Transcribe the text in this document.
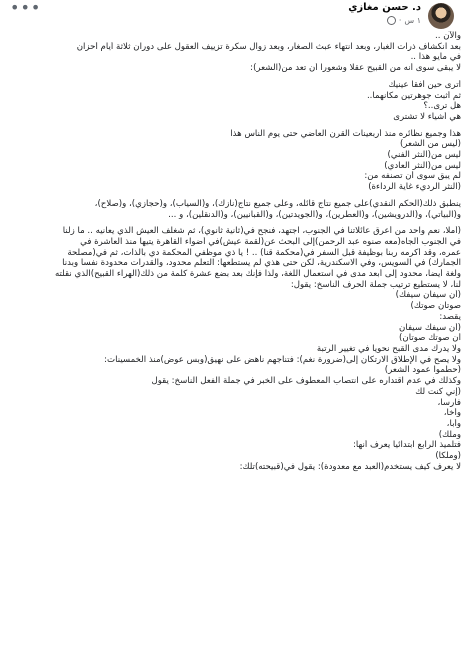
•••	د. حسن مغازي
١ س
·
والآن ..
بعد انكشاف ذرات الغبار، وبعد انتهاء عبث الصغار، وبعد زوال سكرة تزييف العقول على دوران ثلاثة أيام أحزان
في مايو هذا ..
لا يبقى سوى أنه من القبيح عقلا وشعورا أن تعد من(الشعر):
أترى حين أفقأ عينيك
ثم أثبت جوهرتين مكانهما..
هل ترى..؟
هي أشياء لا تشترى
هذا وجميع نظائره منذ أربعينات القرن العاضي حتى يوم الناس هذا
(ليس من الشعر)
ليس من(النثر الفني)
ليس من(النثر العادي)
لم يبق سوى أن تصنفه من:
(النثر الرديء غاية الرداءة)
ينطبق ذلك(الحكم النقدي)على جميع نتاج قائله، وعلى جميع نتاج(نازك)، و(السياب)، و(حجازي)، و(صلاح)،
و(البياتي)، و(الدرويشين)، و(العطرين)، و(الجويدتين)، و(القبانيين)، و(الدنقلين)، و ...
(أملا، نعم واحد من أعرق عائلاتنا في الجنوب، اجتهد، فنجح في(ثانية ثانوي)، ثم شغلف العيش الذي يعانيه .. ما زلنا
في الجنوب ألجأه(معه صنوه عبد الرحمن)إلى البحث عن(لقمة عيش)في أضواء القاهرة يتيها منذ العاشرة في
عمره، وقد أكرمه ربنا بوظيفة قبل السفر في(محكمة قنا) .. ! يا ذي موظفي المحكمة دي بالذات، ثم في(مصلحة
الجمارك) في السويس، وفي الاسكندرية، لكن حتى هذي لم يستطعها: التعلم محدود، والقدرات محدودة نفسا وبدنا
ولغة أيضا، محدود إلى أبعد مدى في استعمال اللغة، ولذا فإنك بعد بضع عشرة كلمة من ذلك(الهراء القبيح)الذي نقلته
لنا، لا يستطيع ترتيب جملة الحرف الناسخ: يقول:
(أن سيفان سيفك)
صوتان صوتك)
يقصد:
(أن سيفك سيفان
أن صوتك صوتان)
ولا يدرك مدى القبح نحويا في تغيير الرتبة
ولا يصح في الإطلاق الارتكان إلى(ضرورة نغم): فتناجهم ناهض على نهيق(وبس عوض)منذ الخمسينات:
(حطموا عمود الشعر)
وكذلك في عدم اقتداره على انتصاب المعطوف على الخبر في جملة الفعل الناسخ: يقول
(إني كنت لك
فارسا،
وأخا،
وأبا،
وملك)
فتلميذ الرابع ابتدائيا يعرف أنها:
(وملكا)
لا يعرف كيف يستخدم(العبد مع معدودة): يقول في(قبيحته)تلك:
